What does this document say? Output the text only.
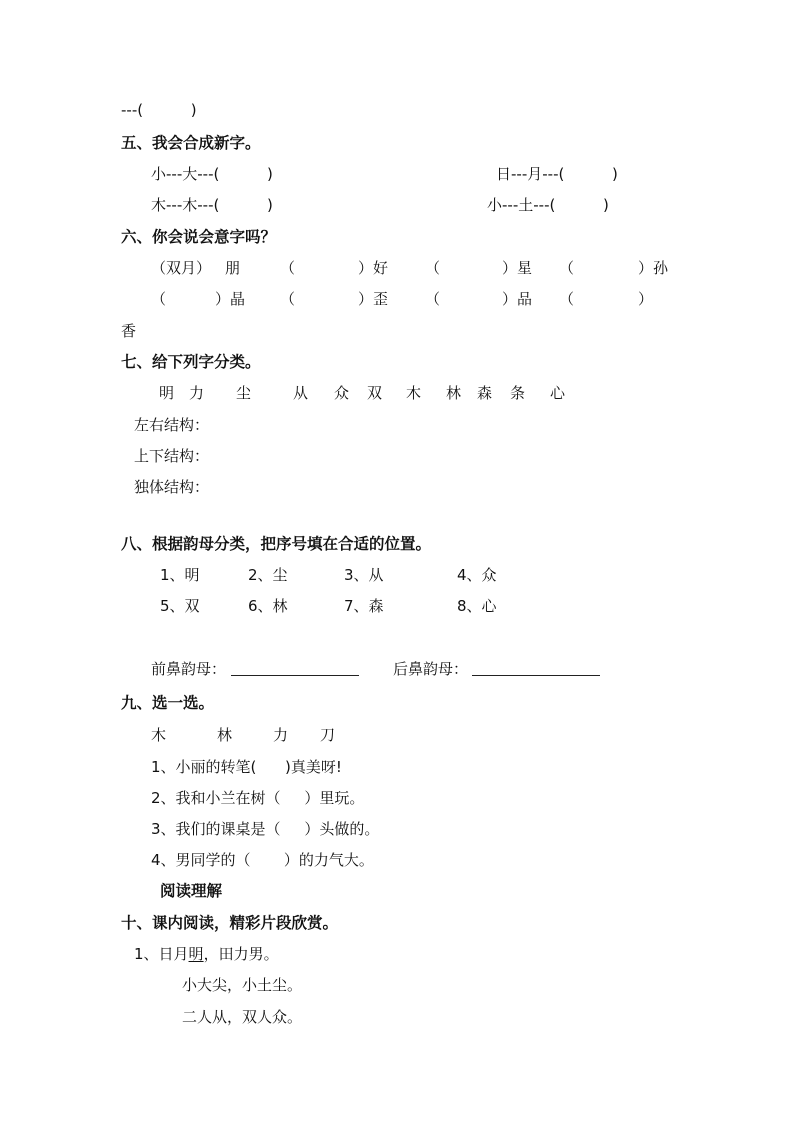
---(          )
五、我会合成新字。
小---大---(          )	日---月---(          )
木---木---(          )	小---土---(          )
六、你会说会意字吗？
（双月） 朋	（	）好 （	）星 （	）孙
（	）晶 （	）歪 （	）品 （	）
香
七、给下列字分类。
明 力 尘	从 众 双 木 林 森 条 心
左右结构：
上下结构：
独体结构：
八、根据韵母分类，把序号填在合适的位置。
1、明	2、尘	3、从	4、众
5、双	6、林	7、森	8、心
前鼻韵母：	后鼻韵母：
九、选一选。
木	林	力 刀
1、小丽的转笔(      )真美呀!
2、我和小兰在树（     ）里玩。
3、我们的课桌是（     ）头做的。
4、男同学的（       ）的力气大。
阅读理解
十、课内阅读，精彩片段欣赏。
1、日月明，田力男。
小大尖，小土尘。
二人从，双人众。
